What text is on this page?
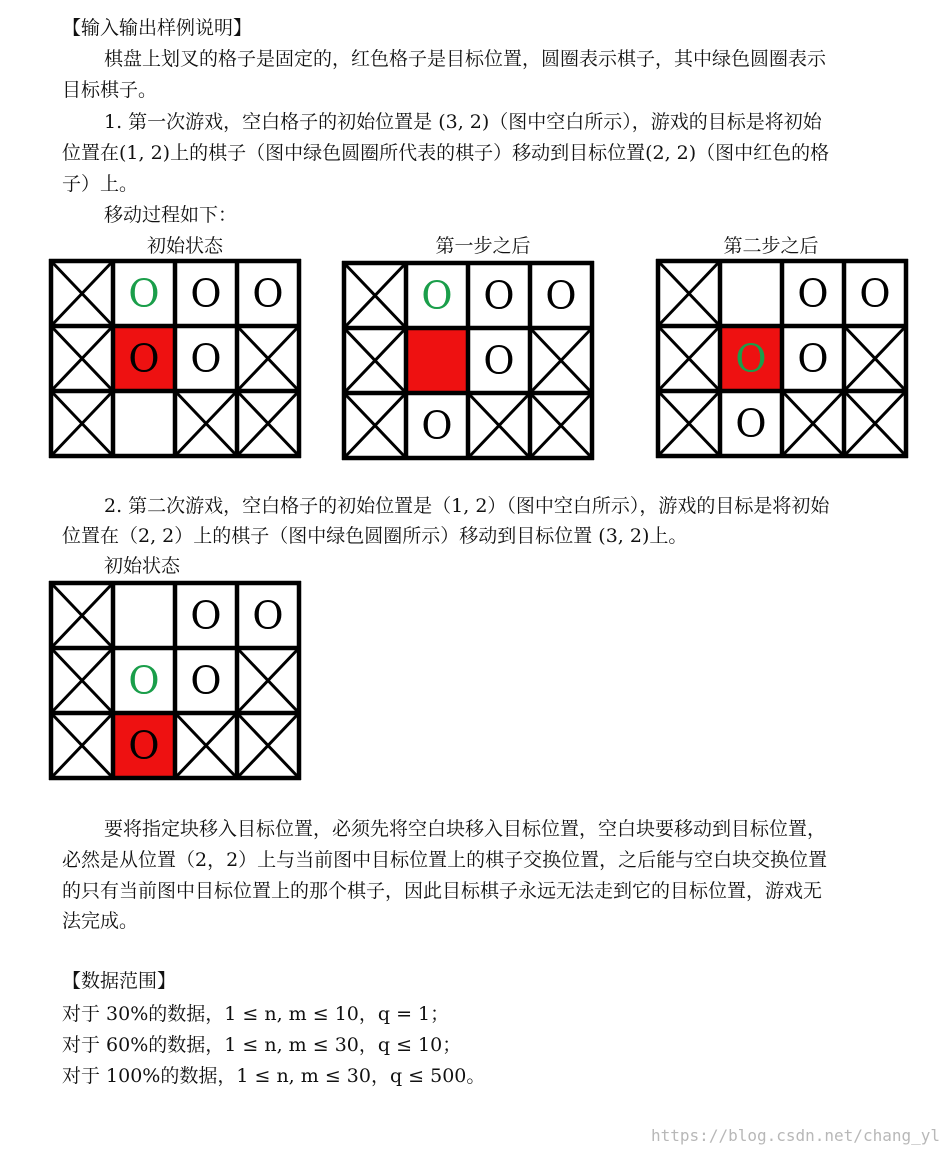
【输入输出样例说明】
棋盘上划叉的格子是固定的，红色格子是目标位置，圆圈表示棋子，其中绿色圆圈表示
目标棋子。
1. 第一次游戏，空白格子的初始位置是 (3, 2)（图中空白所示），游戏的目标是将初始
位置在(1, 2)上的棋子（图中绿色圆圈所代表的棋子）移动到目标位置(2, 2)（图中红色的格
子）上。
移动过程如下：
初始状态	第一步之后	第二步之后
O O O
O O
O O O
O
O
O O
O O
O
2. 第二次游戏，空白格子的初始位置是（1, 2）（图中空白所示），游戏的目标是将初始
位置在（2, 2）上的棋子（图中绿色圆圈所示）移动到目标位置 (3, 2)上。
初始状态
O O
O O
O
要将指定块移入目标位置，必须先将空白块移入目标位置，空白块要移动到目标位置，
必然是从位置（2，2）上与当前图中目标位置上的棋子交换位置，之后能与空白块交换位置
的只有当前图中目标位置上的那个棋子，因此目标棋子永远无法走到它的目标位置，游戏无
法完成。
【数据范围】
对于 30%的数据，1 ≤ n, m ≤ 10，q = 1；
对于 60%的数据，1 ≤ n, m ≤ 30，q ≤ 10；
对于 100%的数据，1 ≤ n, m ≤ 30，q ≤ 500。
https://blog.csdn.net/chang_yl
